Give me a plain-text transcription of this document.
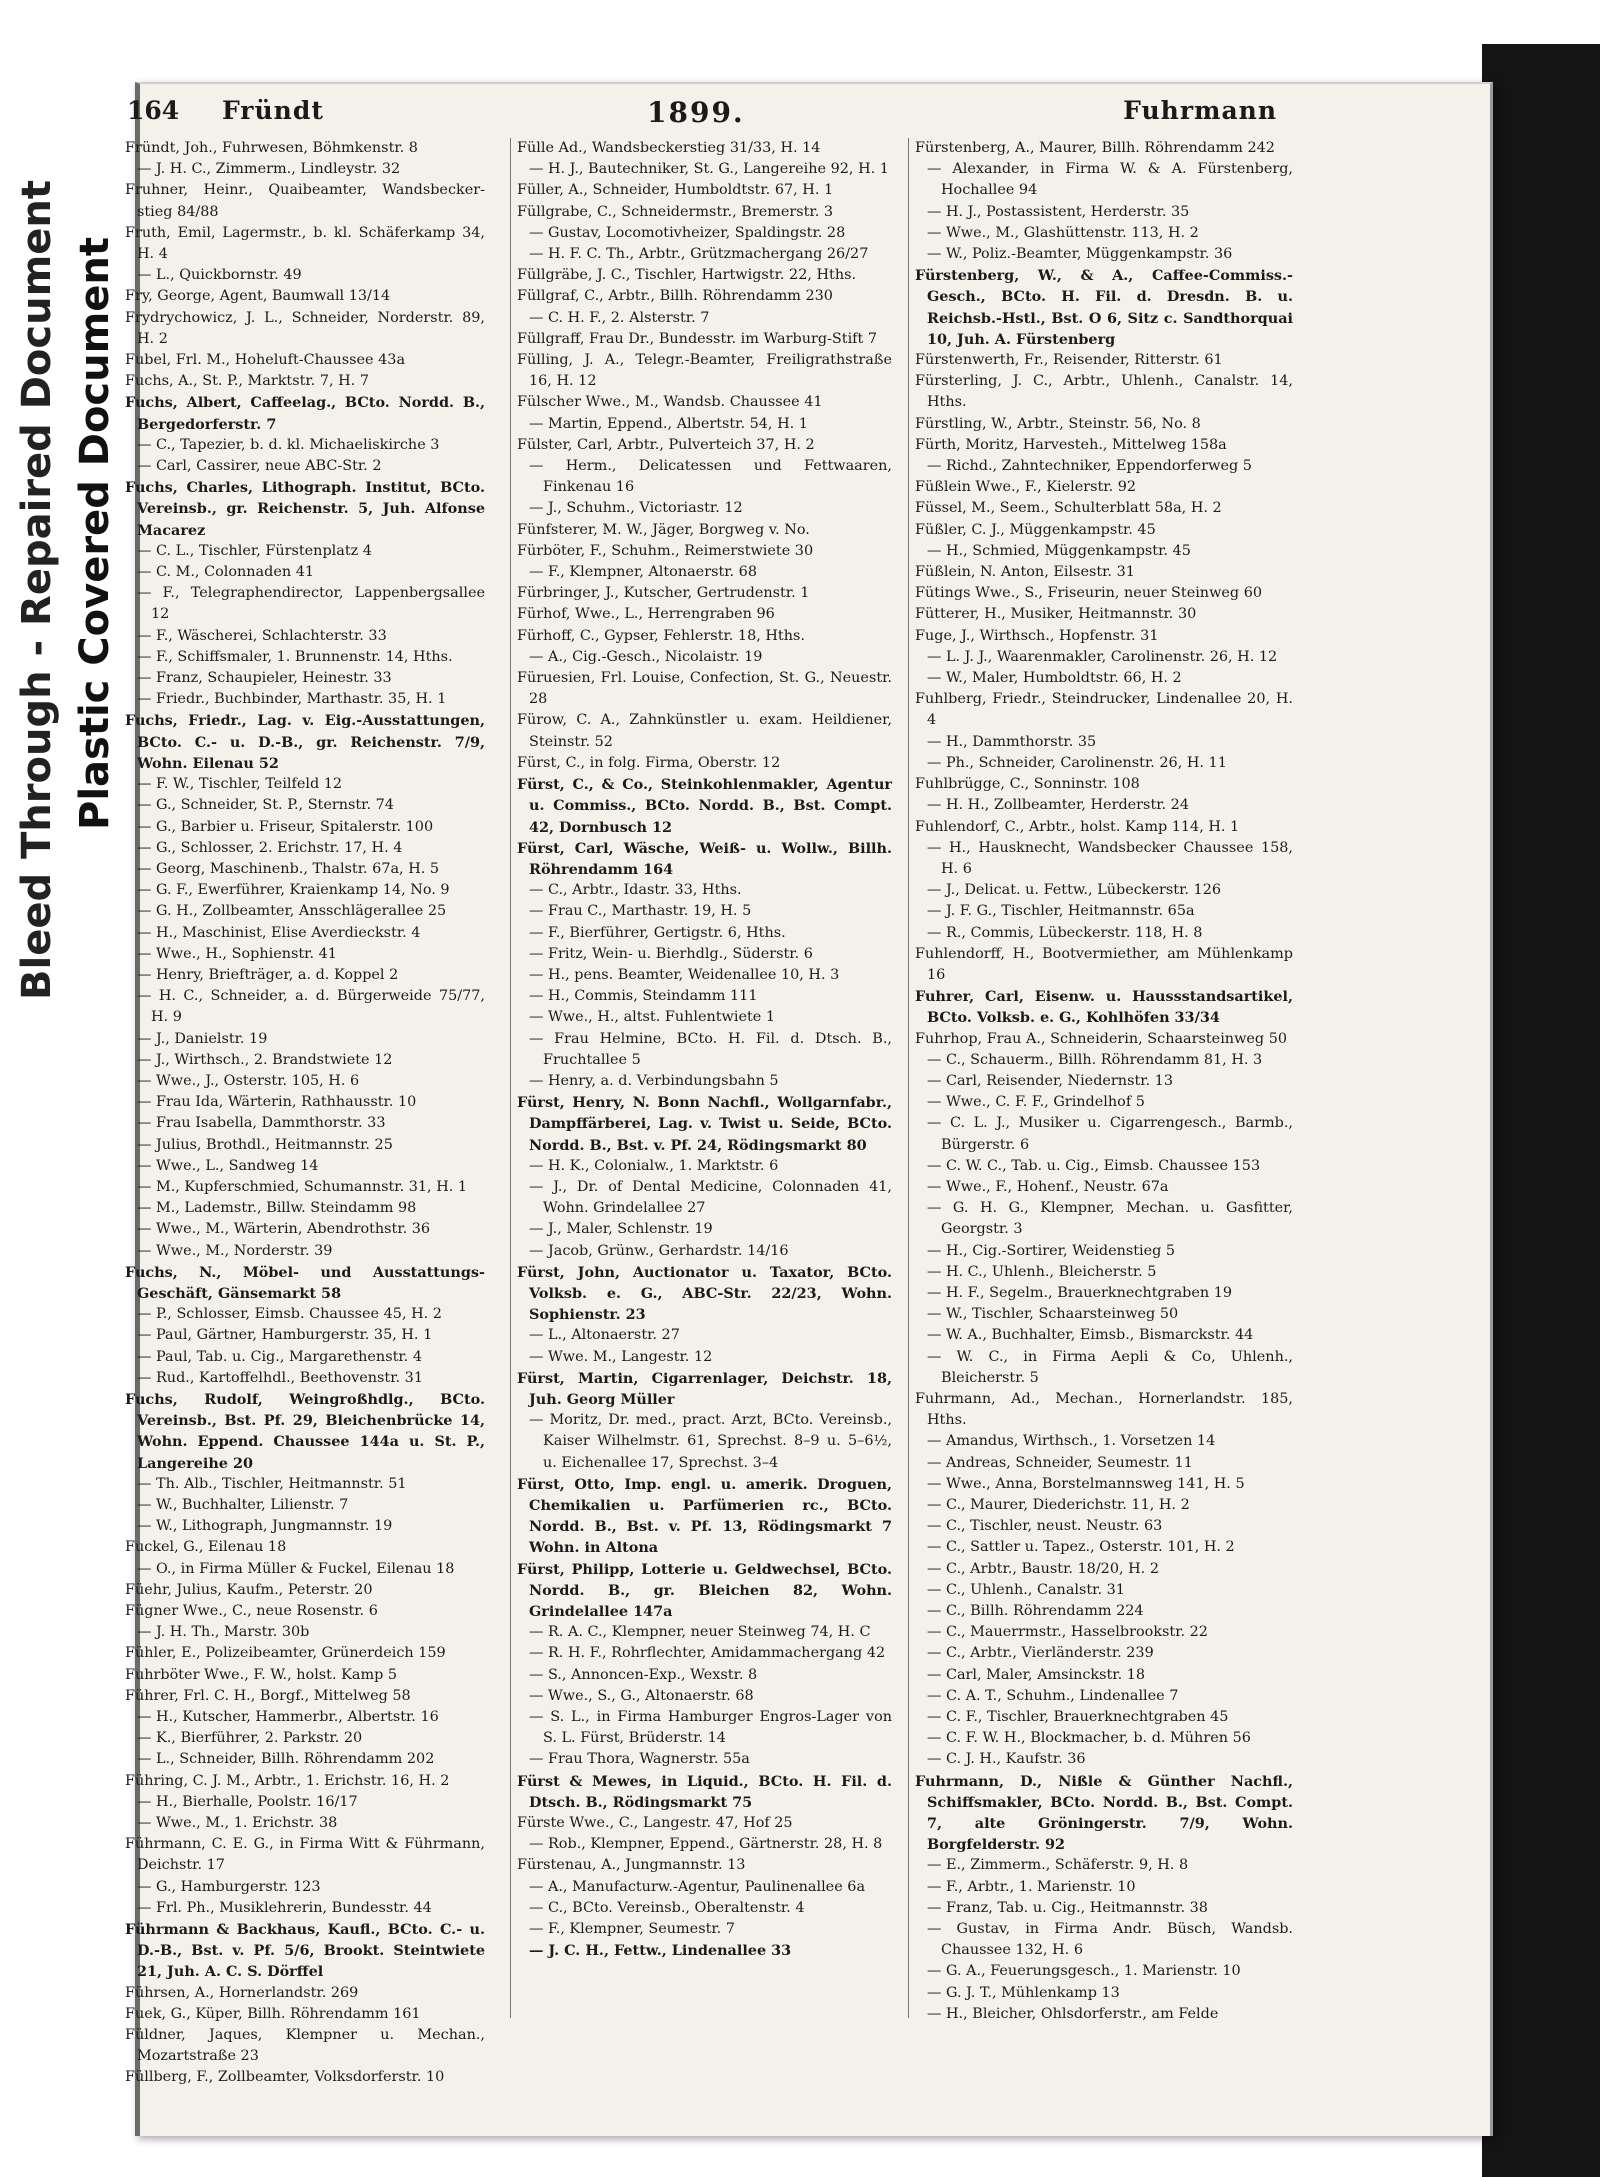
Bleed Through - Repaired Document Plastic Covered Document
164 Fründt	1899.	Fuhrmann

Fründt, Joh., Fuhrwesen, Böhmkenstr. 8

— J. H. C., Zimmerm., Lindleystr. 32

Fruhner, Heinr., Quaibeamter, Wandsbecker-stieg 84/88

Fruth, Emil, Lagermstr., b. kl. Schäferkamp 34, H. 4

— L., Quickbornstr. 49

Fry, George, Agent, Baumwall 13/14

Frydrychowicz, J. L., Schneider, Norderstr. 89, H. 2

Fubel, Frl. M., Hoheluft-Chaussee 43a

Fuchs, A., St. P., Marktstr. 7, H. 7

Fuchs, Albert, Caffeelag., BCto. Nordd. B., Bergedorferstr. 7

— C., Tapezier, b. d. kl. Michaeliskirche 3

— Carl, Cassirer, neue ABC-Str. 2

Fuchs, Charles, Lithograph. Institut, BCto. Vereinsb., gr. Reichenstr. 5, Juh. Alfonse Macarez

— C. L., Tischler, Fürstenplatz 4

— C. M., Colonnaden 41

— F., Telegraphendirector, Lappenbergsallee 12

— F., Wäscherei, Schlachterstr. 33

— F., Schiffsmaler, 1. Brunnenstr. 14, Hths.

— Franz, Schaupieler, Heinestr. 33

— Friedr., Buchbinder, Marthastr. 35, H. 1

Fuchs, Friedr., Lag. v. Eig.-Ausstattungen, BCto. C.- u. D.-B., gr. Reichenstr. 7/9, Wohn. Eilenau 52

— F. W., Tischler, Teilfeld 12

— G., Schneider, St. P., Sternstr. 74

— G., Barbier u. Friseur, Spitalerstr. 100

— G., Schlosser, 2. Erichstr. 17, H. 4

— Georg, Maschinenb., Thalstr. 67a, H. 5

— G. F., Ewerführer, Kraienkamp 14, No. 9

— G. H., Zollbeamter, Ansschlägerallee 25

— H., Maschinist, Elise Averdieckstr. 4

— Wwe., H., Sophienstr. 41

— Henry, Briefträger, a. d. Koppel 2

— H. C., Schneider, a. d. Bürgerweide 75/77, H. 9

— J., Danielstr. 19

— J., Wirthsch., 2. Brandstwiete 12

— Wwe., J., Osterstr. 105, H. 6

— Frau Ida, Wärterin, Rathhausstr. 10

— Frau Isabella, Dammthorstr. 33

— Julius, Brothdl., Heitmannstr. 25

— Wwe., L., Sandweg 14

— M., Kupferschmied, Schumannstr. 31, H. 1

— M., Lademstr., Billw. Steindamm 98

— Wwe., M., Wärterin, Abendrothstr. 36

— Wwe., M., Norderstr. 39

Fuchs, N., Möbel- und Ausstattungs-Geschäft, Gänsemarkt 58

— P., Schlosser, Eimsb. Chaussee 45, H. 2

— Paul, Gärtner, Hamburgerstr. 35, H. 1

— Paul, Tab. u. Cig., Margarethenstr. 4

— Rud., Kartoffelhdl., Beethovenstr. 31

Fuchs, Rudolf, Weingroßhdlg., BCto. Vereinsb., Bst. Pf. 29, Bleichenbrücke 14, Wohn. Eppend. Chaussee 144a u. St. P., Langereihe 20

— Th. Alb., Tischler, Heitmannstr. 51

— W., Buchhalter, Lilienstr. 7

— W., Lithograph, Jungmannstr. 19

Fuckel, G., Eilenau 18

— O., in Firma Müller & Fuckel, Eilenau 18

Füehr, Julius, Kaufm., Peterstr. 20

Fügner Wwe., C., neue Rosenstr. 6

— J. H. Th., Marstr. 30b

Fühler, E., Polizeibeamter, Grünerdeich 159

Fuhrböter Wwe., F. W., holst. Kamp 5

Führer, Frl. C. H., Borgf., Mittelweg 58

— H., Kutscher, Hammerbr., Albertstr. 16

— K., Bierführer, 2. Parkstr. 20

— L., Schneider, Billh. Röhrendamm 202

Führing, C. J. M., Arbtr., 1. Erichstr. 16, H. 2

— H., Bierhalle, Poolstr. 16/17

— Wwe., M., 1. Erichstr. 38

Führmann, C. E. G., in Firma Witt & Führmann, Deichstr. 17

— G., Hamburgerstr. 123

— Frl. Ph., Musiklehrerin, Bundesstr. 44

Führmann & Backhaus, Kaufl., BCto. C.- u. D.-B., Bst. v. Pf. 5/6, Brookt. Steintwiete 21, Juh. A. C. S. Dörffel

Führsen, A., Hornerlandstr. 269

Fuek, G., Küper, Billh. Röhrendamm 161

Füldner, Jaques, Klempner u. Mechan., Mozartstraße 23

Füllberg, F., Zollbeamter, Volksdorferstr. 10

Fülle Ad., Wandsbeckerstieg 31/33, H. 14

— H. J., Bautechniker, St. G., Langereihe 92, H. 1

Füller, A., Schneider, Humboldtstr. 67, H. 1

Füllgrabe, C., Schneidermstr., Bremerstr. 3

— Gustav, Locomotivheizer, Spaldingstr. 28

— H. F. C. Th., Arbtr., Grützmachergang 26/27

Füllgräbe, J. C., Tischler, Hartwigstr. 22, Hths.

Füllgraf, C., Arbtr., Billh. Röhrendamm 230

— C. H. F., 2. Alsterstr. 7

Füllgraff, Frau Dr., Bundesstr. im Warburg-Stift 7

Fülling, J. A., Telegr.-Beamter, Freiligrathstraße 16, H. 12

Fülscher Wwe., M., Wandsb. Chaussee 41

— Martin, Eppend., Albertstr. 54, H. 1

Fülster, Carl, Arbtr., Pulverteich 37, H. 2

— Herm., Delicatessen und Fettwaaren, Finkenau 16

— J., Schuhm., Victoriastr. 12

Fünfsterer, M. W., Jäger, Borgweg v. No.

Fürböter, F., Schuhm., Reimerstwiete 30

— F., Klempner, Altonaerstr. 68

Fürbringer, J., Kutscher, Gertrudenstr. 1

Fürhof, Wwe., L., Herrengraben 96

Fürhoff, C., Gypser, Fehlerstr. 18, Hths.

— A., Cig.-Gesch., Nicolaistr. 19

Füruesien, Frl. Louise, Confection, St. G., Neuestr. 28

Fürow, C. A., Zahnkünstler u. exam. Heildiener, Steinstr. 52

Fürst, C., in folg. Firma, Oberstr. 12

Fürst, C., & Co., Steinkohlenmakler, Agentur u. Commiss., BCto. Nordd. B., Bst. Compt. 42, Dornbusch 12

Fürst, Carl, Wäsche, Weiß- u. Wollw., Billh. Röhrendamm 164

— C., Arbtr., Idastr. 33, Hths.

— Frau C., Marthastr. 19, H. 5

— F., Bierführer, Gertigstr. 6, Hths.

— Fritz, Wein- u. Bierhdlg., Süderstr. 6

— H., pens. Beamter, Weidenallee 10, H. 3

— H., Commis, Steindamm 111

— Wwe., H., altst. Fuhlentwiete 1

— Frau Helmine, BCto. H. Fil. d. Dtsch. B., Fruchtallee 5

— Henry, a. d. Verbindungsbahn 5

Fürst, Henry, N. Bonn Nachfl., Wollgarnfabr., Dampffärberei, Lag. v. Twist u. Seide, BCto. Nordd. B., Bst. v. Pf. 24, Rödingsmarkt 80

— H. K., Colonialw., 1. Marktstr. 6

— J., Dr. of Dental Medicine, Colonnaden 41, Wohn. Grindelallee 27

— J., Maler, Schlenstr. 19

— Jacob, Grünw., Gerhardstr. 14/16

Fürst, John, Auctionator u. Taxator, BCto. Volksb. e. G., ABC-Str. 22/23, Wohn. Sophienstr. 23

— L., Altonaerstr. 27

— Wwe. M., Langestr. 12

Fürst, Martin, Cigarrenlager, Deichstr. 18, Juh. Georg Müller

— Moritz, Dr. med., pract. Arzt, BCto. Vereinsb., Kaiser Wilhelmstr. 61, Sprechst. 8–9 u. 5–6½, u. Eichenallee 17, Sprechst. 3–4

Fürst, Otto, Imp. engl. u. amerik. Droguen, Chemikalien u. Parfümerien rc., BCto. Nordd. B., Bst. v. Pf. 13, Rödingsmarkt 7 Wohn. in Altona

Fürst, Philipp, Lotterie u. Geldwechsel, BCto. Nordd. B., gr. Bleichen 82, Wohn. Grindelallee 147a

— R. A. C., Klempner, neuer Steinweg 74, H. C

— R. H. F., Rohrflechter, Amidammachergang 42

— S., Annoncen-Exp., Wexstr. 8

— Wwe., S., G., Altonaerstr. 68

— S. L., in Firma Hamburger Engros-Lager von S. L. Fürst, Brüderstr. 14

— Frau Thora, Wagnerstr. 55a

Fürst & Mewes, in Liquid., BCto. H. Fil. d. Dtsch. B., Rödingsmarkt 75

Fürste Wwe., C., Langestr. 47, Hof 25

— Rob., Klempner, Eppend., Gärtnerstr. 28, H. 8

Fürstenau, A., Jungmannstr. 13

— A., Manufacturw.-Agentur, Paulinenallee 6a

— C., BCto. Vereinsb., Oberaltenstr. 4

— F., Klempner, Seumestr. 7

— J. C. H., Fettw., Lindenallee 33

Fürstenberg, A., Maurer, Billh. Röhrendamm 242

— Alexander, in Firma W. & A. Fürstenberg, Hochallee 94

— H. J., Postassistent, Herderstr. 35

— Wwe., M., Glashüttenstr. 113, H. 2

— W., Poliz.-Beamter, Müggenkampstr. 36

Fürstenberg, W., & A., Caffee-Commiss.-Gesch., BCto. H. Fil. d. Dresdn. B. u. Reichsb.-Hstl., Bst. O 6, Sitz c. Sandthorquai 10, Juh. A. Fürstenberg

Fürstenwerth, Fr., Reisender, Ritterstr. 61

Fürsterling, J. C., Arbtr., Uhlenh., Canalstr. 14, Hths.

Fürstling, W., Arbtr., Steinstr. 56, No. 8

Fürth, Moritz, Harvesteh., Mittelweg 158a

— Richd., Zahntechniker, Eppendorferweg 5

Füßlein Wwe., F., Kielerstr. 92

Füssel, M., Seem., Schulterblatt 58a, H. 2

Füßler, C. J., Müggenkampstr. 45

— H., Schmied, Müggenkampstr. 45

Füßlein, N. Anton, Eilsestr. 31

Fütings Wwe., S., Friseurin, neuer Steinweg 60

Fütterer, H., Musiker, Heitmannstr. 30

Fuge, J., Wirthsch., Hopfenstr. 31

— L. J. J., Waarenmakler, Carolinenstr. 26, H. 12

— W., Maler, Humboldtstr. 66, H. 2

Fuhlberg, Friedr., Steindrucker, Lindenallee 20, H. 4

— H., Dammthorstr. 35

— Ph., Schneider, Carolinenstr. 26, H. 11

Fuhlbrügge, C., Sonninstr. 108

— H. H., Zollbeamter, Herderstr. 24

Fuhlendorf, C., Arbtr., holst. Kamp 114, H. 1

— H., Hausknecht, Wandsbecker Chaussee 158, H. 6

— J., Delicat. u. Fettw., Lübeckerstr. 126

— J. F. G., Tischler, Heitmannstr. 65a

— R., Commis, Lübeckerstr. 118, H. 8

Fuhlendorff, H., Bootvermiether, am Mühlenkamp 16

Fuhrer, Carl, Eisenw. u. Haussstandsartikel, BCto. Volksb. e. G., Kohlhöfen 33/34

Fuhrhop, Frau A., Schneiderin, Schaarsteinweg 50

— C., Schauerm., Billh. Röhrendamm 81, H. 3

— Carl, Reisender, Niedernstr. 13

— Wwe., C. F. F., Grindelhof 5

— C. L. J., Musiker u. Cigarrengesch., Barmb., Bürgerstr. 6

— C. W. C., Tab. u. Cig., Eimsb. Chaussee 153

— Wwe., F., Hohenf., Neustr. 67a

— G. H. G., Klempner, Mechan. u. Gasfitter, Georgstr. 3

— H., Cig.-Sortirer, Weidenstieg 5

— H. C., Uhlenh., Bleicherstr. 5

— H. F., Segelm., Brauerknechtgraben 19

— W., Tischler, Schaarsteinweg 50

— W. A., Buchhalter, Eimsb., Bismarckstr. 44

— W. C., in Firma Aepli & Co, Uhlenh., Bleicherstr. 5

Fuhrmann, Ad., Mechan., Hornerlandstr. 185, Hths.

— Amandus, Wirthsch., 1. Vorsetzen 14

— Andreas, Schneider, Seumestr. 11

— Wwe., Anna, Borstelmannsweg 141, H. 5

— C., Maurer, Diederichstr. 11, H. 2

— C., Tischler, neust. Neustr. 63

— C., Sattler u. Tapez., Osterstr. 101, H. 2

— C., Arbtr., Baustr. 18/20, H. 2

— C., Uhlenh., Canalstr. 31

— C., Billh. Röhrendamm 224

— C., Mauerrmstr., Hasselbrookstr. 22

— C., Arbtr., Vierländerstr. 239

— Carl, Maler, Amsinckstr. 18

— C. A. T., Schuhm., Lindenallee 7

— C. F., Tischler, Brauerknechtgraben 45

— C. F. W. H., Blockmacher, b. d. Mühren 56

— C. J. H., Kaufstr. 36

Fuhrmann, D., Nißle & Günther Nachfl., Schiffsmakler, BCto. Nordd. B., Bst. Compt. 7, alte Gröningerstr. 7/9, Wohn. Borgfelderstr. 92

— E., Zimmerm., Schäferstr. 9, H. 8

— F., Arbtr., 1. Marienstr. 10

— Franz, Tab. u. Cig., Heitmannstr. 38

— Gustav, in Firma Andr. Büsch, Wandsb. Chaussee 132, H. 6

— G. A., Feuerungsgesch., 1. Marienstr. 10

— G. J. T., Mühlenkamp 13

— H., Bleicher, Ohlsdorferstr., am Felde
